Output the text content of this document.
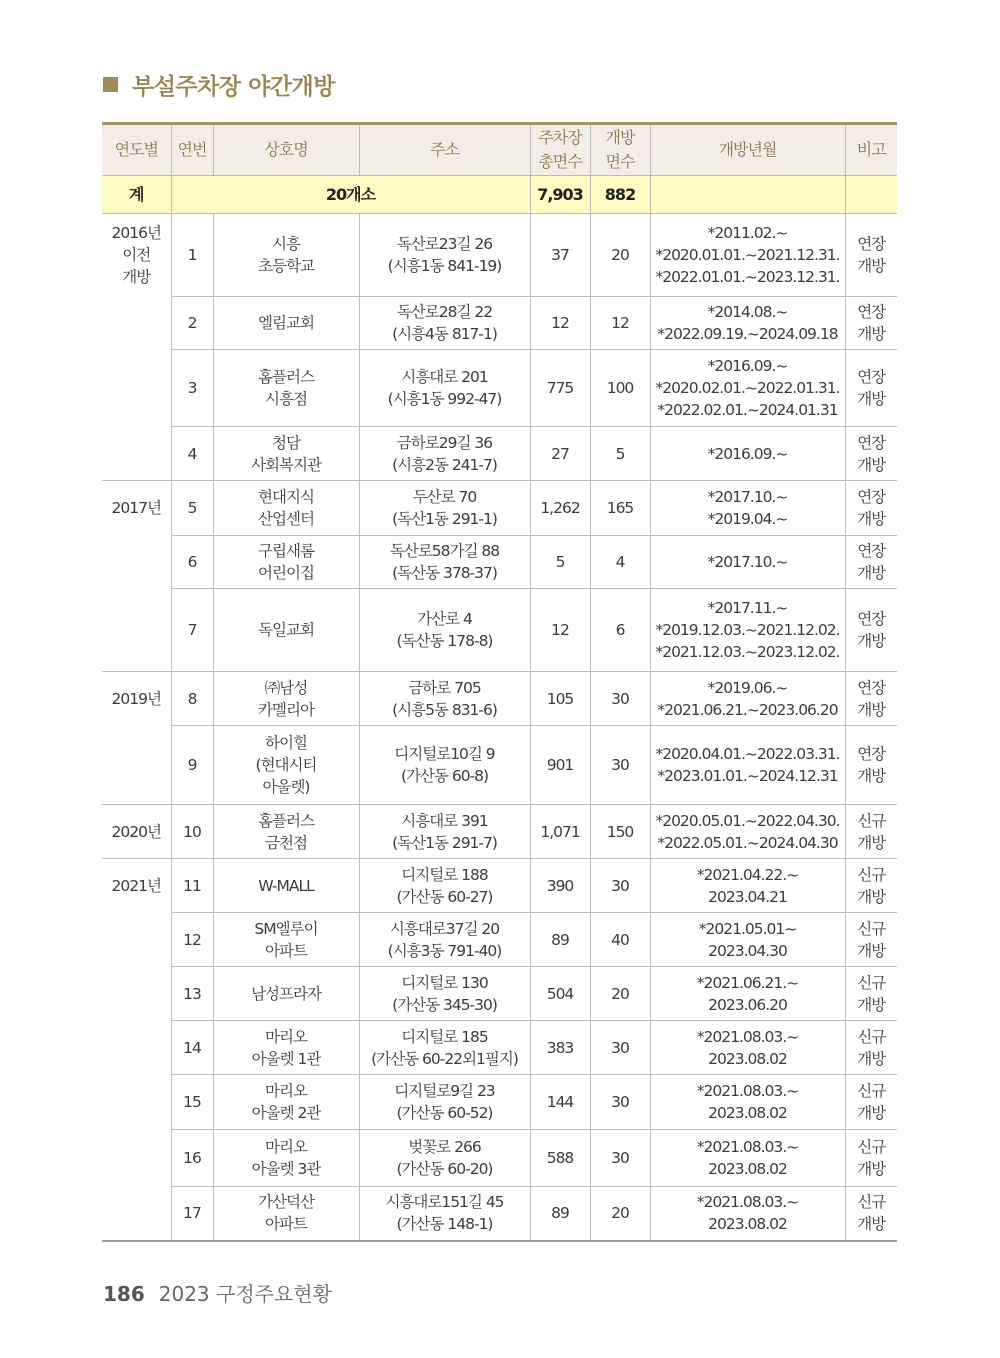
부설주차장 야간개방
연도별	연번	상호명	주소	주차장
총면수	개방
면수	개방년월	비고
계	20개소			7,903	882		

2016년
이전
개방	1	시흥
초등학교	독산로23길 26
(시흥1동 841-19)	37	20	*2011.02.~
*2020.01.01.~2021.12.31.
*2022.01.01.~2023.12.31.	연장
개방

	2	엘림교회	독산로28길 22
(시흥4동 817-1)	12	12	*2014.08.~
*2022.09.19.~2024.09.18	연장
개방

	3	홈플러스
시흥점	시흥대로 201
(시흥1동 992-47)	775	100	*2016.09.~
*2020.02.01.~2022.01.31.
*2022.02.01.~2024.01.31	연장
개방

	4	청담
사회복지관	금하로29길 36
(시흥2동 241-7)	27	5	*2016.09.~	연장
개방

2017년	5	현대지식
산업센터	두산로 70
(독산1동 291-1)	1,262	165	*2017.10.~
*2019.04.~	연장
개방

	6	구립새롬
어린이집	독산로58가길 88
(독산동 378-37)	5	4	*2017.10.~	연장
개방

	7	독일교회	가산로 4
(독산동 178-8)	12	6	*2017.11.~
*2019.12.03.~2021.12.02.
*2021.12.03.~2023.12.02.	연장
개방

2019년	8	㈜남성
카멜리아	금하로 705
(시흥5동 831-6)	105	30	*2019.06.~
*2021.06.21.~2023.06.20	연장
개방

	9	하이힐
(현대시티
아울렛)	디지털로10길 9
(가산동 60-8)	901	30	*2020.04.01.~2022.03.31.
*2023.01.01.~2024.12.31	연장
개방

2020년	10	홈플러스
금천점	시흥대로 391
(독산1동 291-7)	1,071	150	*2020.05.01.~2022.04.30.
*2022.05.01.~2024.04.30	신규
개방

2021년	11	W-MALL	디지털로 188
(가산동 60-27)	390	30	*2021.04.22.~
2023.04.21	신규
개방

	12	SM엘루이
아파트	시흥대로37길 20
(시흥3동 791-40)	89	40	*2021.05.01~
2023.04.30	신규
개방

	13	남성프라자	디지털로 130
(가산동 345-30)	504	20	*2021.06.21.~
2023.06.20	신규
개방

	14	마리오
아울렛 1관	디지털로 185
(가산동 60-22외1필지)	383	30	*2021.08.03.~
2023.08.02	신규
개방

	15	마리오
아울렛 2관	디지털로9길 23
(가산동 60-52)	144	30	*2021.08.03.~
2023.08.02	신규
개방

	16	마리오
아울렛 3관	벚꽃로 266
(가산동 60-20)	588	30	*2021.08.03.~
2023.08.02	신규
개방

	17	가산덕산
아파트	시흥대로151길 45
(가산동 148-1)	89	20	*2021.08.03.~
2023.08.02	신규
개방
186 2023 구정주요현황
